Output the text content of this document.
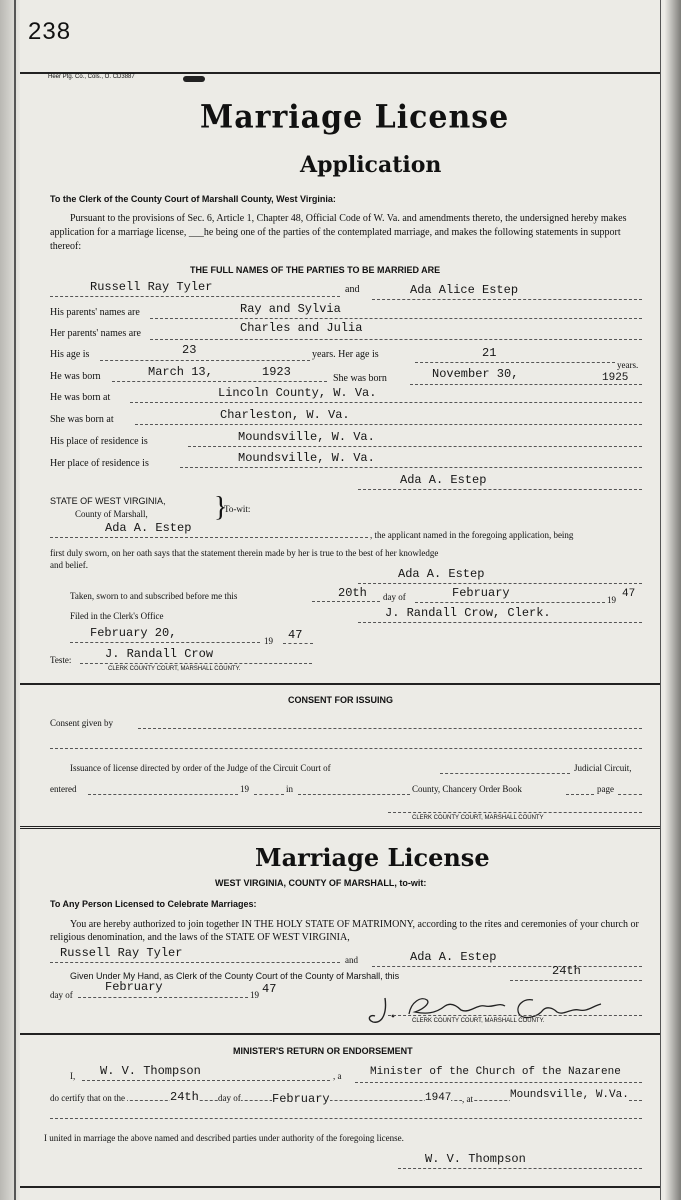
238
Heer Ptg. Co., Cols., O. CD3887
Marriage License
Application
To the Clerk of the County Court of Marshall County, West Virginia:
Pursuant to the provisions of Sec. 6, Article 1, Chapter 48, Official Code of W. Va. and amendments thereto, the undersigned hereby makes application for a marriage license, ___he being one of the parties of the contemplated marriage, and makes the following statements in support thereof:
THE FULL NAMES OF THE PARTIES TO BE MARRIED ARE
Russell Ray Tyler	and	Ada Alice Estep
His parents' names are	Ray and Sylvia
Her parents' names are	Charles and Julia
His age is	23	years. Her age is	21
years.
He was born	March 13,	1923	She was born	November 30,	1925
He was born at	Lincoln County, W. Va.
She was born at	Charleston, W. Va.
His place of residence is	Moundsville, W. Va.
Her place of residence is	Moundsville, W. Va.
Ada A. Estep
STATE OF WEST VIRGINIA,
County of Marshall, }
To-wit:
Ada A. Estep	, the applicant named in the foregoing application, being
first duly sworn, on her oath says that the statement therein made by her is true to the best of her knowledge
and belief.
Ada A. Estep
Taken, sworn to and subscribed before me this	20th day of	February	19 47
Filed in the Clerk's Office	J. Randall Crow, Clerk.
February 20,
19 47
Teste:	J. Randall Crow
CLERK COUNTY COURT, MARSHALL COUNTY.
CONSENT FOR ISSUING
Consent given by
Issuance of license directed by order of the Judge of the Circuit Court of	Judicial Circuit,
entered	19	in	County, Chancery Order Book	page
CLERK COUNTY COURT, MARSHALL COUNTY
Marriage License
WEST VIRGINIA, COUNTY OF MARSHALL, to-wit:
To Any Person Licensed to Celebrate Marriages:
You are hereby authorized to join together IN THE HOLY STATE OF MATRIMONY, according to the rites and ceremonies of your church or religious denomination, and the laws of the STATE OF WEST VIRGINIA,
Russell Ray Tyler	and	Ada A. Estep
Given Under My Hand, as Clerk of the County Court of the County of Marshall, this	24th
day of
February
19 47
CLERK COUNTY COURT, MARSHALL COUNTY.
MINISTER'S RETURN OR ENDORSEMENT
I, W. V. Thompson	, a	Minister of the Church of the Nazarene
do certify that on the	24th day of	February	1947 , at	Moundsville, W.Va.
I united in marriage the above named and described parties under authority of the foregoing license.
W. V. Thompson
